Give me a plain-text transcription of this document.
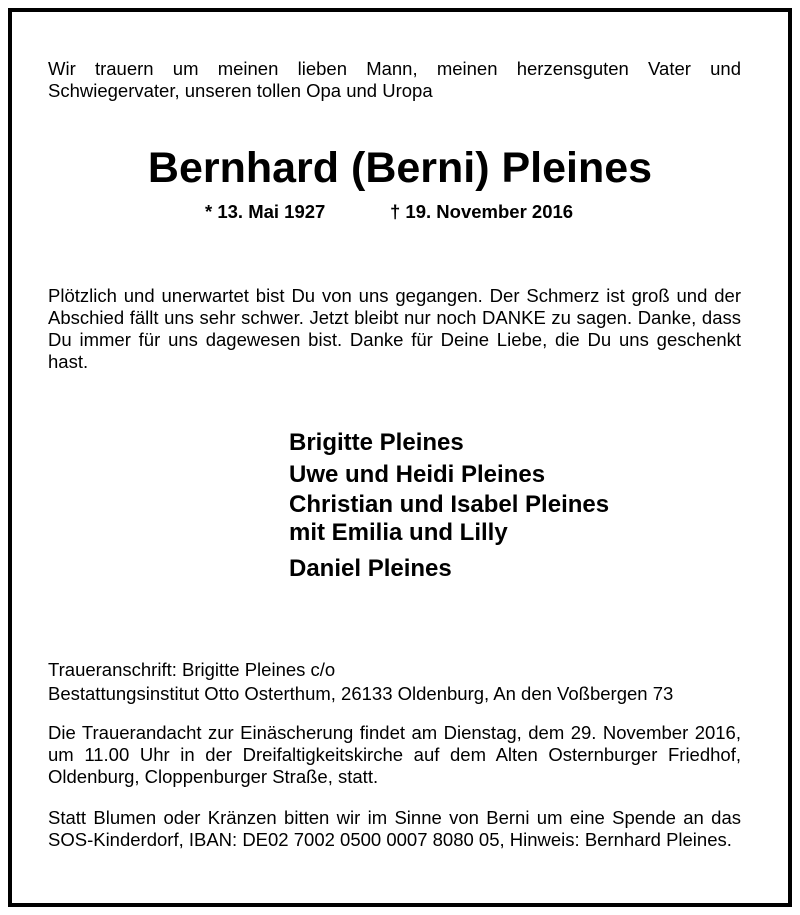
Wir trauern um meinen lieben Mann, meinen herzensguten Vater und Schwiegervater, unseren tollen Opa und Uropa
Bernhard (Berni) Pleines
* 13. Mai 1927	† 19. November 2016
Plötzlich und unerwartet bist Du von uns gegangen. Der Schmerz ist groß und der Abschied fällt uns sehr schwer. Jetzt bleibt nur noch DANKE zu sagen. Danke, dass Du immer für uns dagewesen bist. Danke für Deine Liebe, die Du uns geschenkt hast.
Brigitte Pleines
Uwe und Heidi Pleines
Christian und Isabel Pleines
mit Emilia und Lilly
Daniel Pleines
Traueranschrift: Brigitte Pleines c/o
Bestattungsinstitut Otto Osterthum, 26133 Oldenburg, An den Voßbergen 73
Die Trauerandacht zur Einäscherung findet am Dienstag, dem 29. November 2016, um 11.00 Uhr in der Dreifaltigkeitskirche auf dem Alten Osternburger Friedhof, Oldenburg, Cloppenburger Straße, statt.
Statt Blumen oder Kränzen bitten wir im Sinne von Berni um eine Spende an das SOS-Kinderdorf, IBAN: DE02 7002 0500 0007 8080 05, Hinweis: Bernhard Pleines.
